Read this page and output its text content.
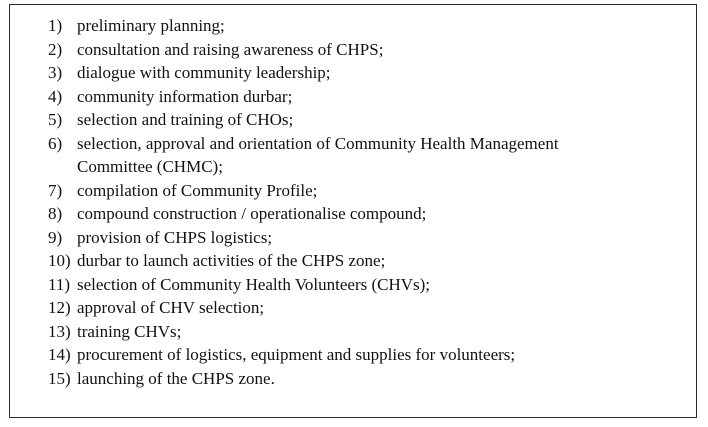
1) preliminary planning;
2) consultation and raising awareness of CHPS;
3) dialogue with community leadership;
4) community information durbar;
5) selection and training of CHOs;
6) selection, approval and orientation of Community Health Management Committee (CHMC);
7) compilation of Community Profile;
8) compound construction / operationalise compound;
9) provision of CHPS logistics;
10) durbar to launch activities of the CHPS zone;
11) selection of Community Health Volunteers (CHVs);
12) approval of CHV selection;
13) training CHVs;
14) procurement of logistics, equipment and supplies for volunteers;
15) launching of the CHPS zone.
